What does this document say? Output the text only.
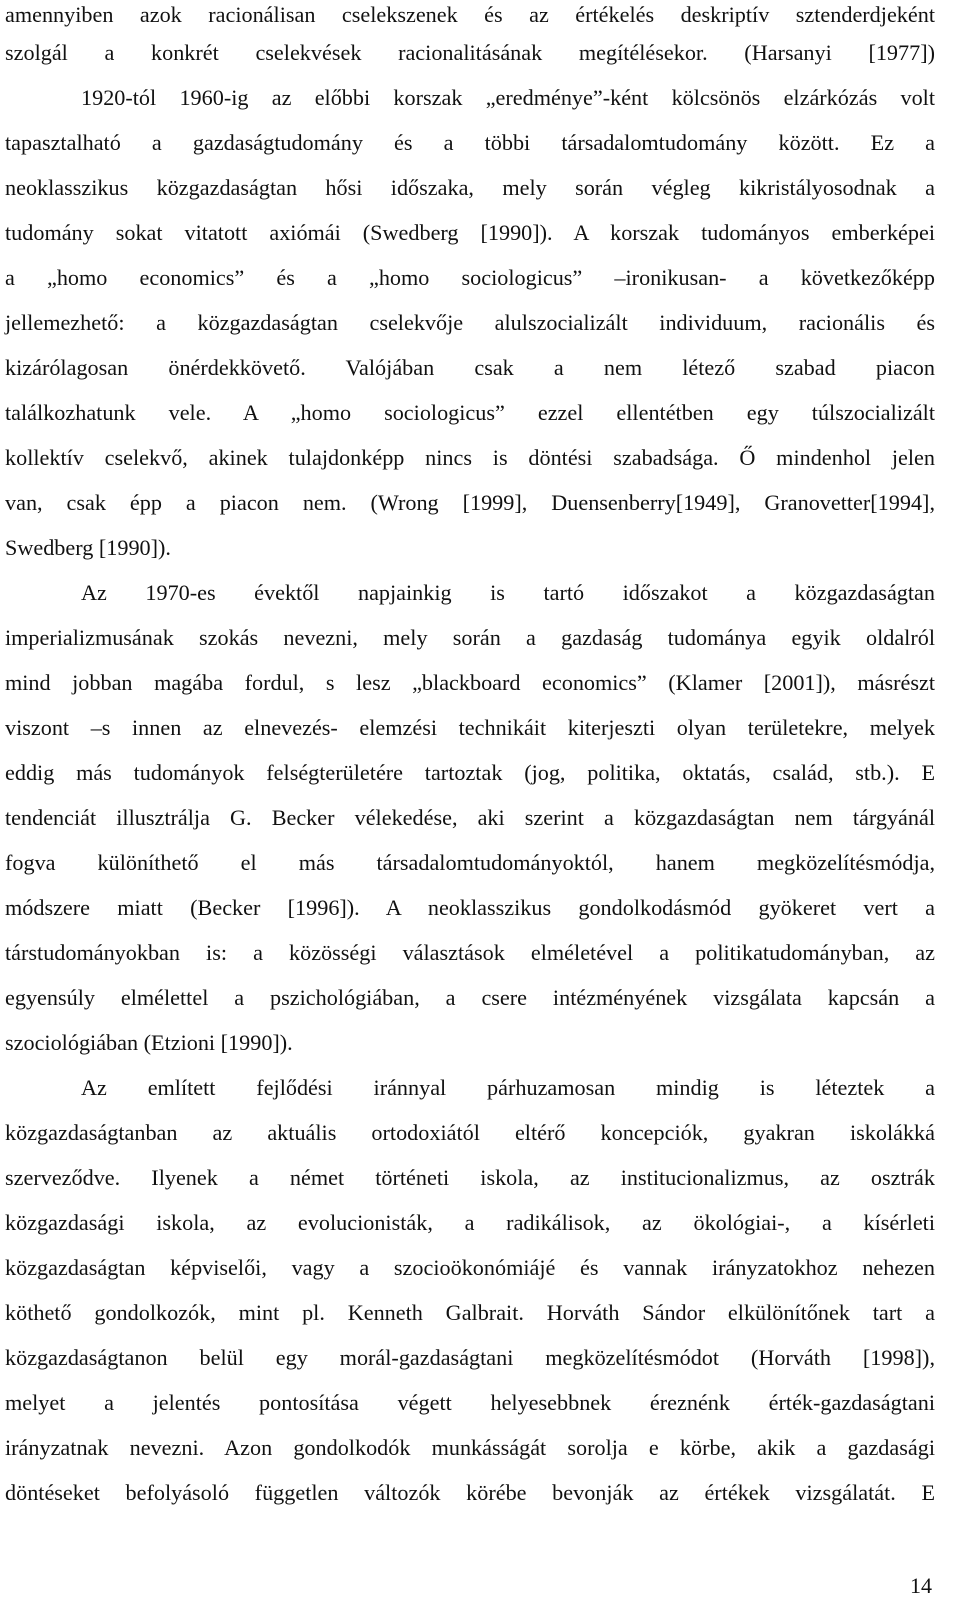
amennyiben azok racionálisan cselekszenek és az értékelés deskriptív sztenderdjeként
szolgál a konkrét cselekvések racionalitásának megítélésekor. (Harsanyi [1977])
1920-tól 1960-ig az előbbi korszak „eredménye”-ként kölcsönös elzárkózás volt
tapasztalható a gazdaságtudomány és a többi társadalomtudomány között. Ez a
neoklasszikus közgazdaságtan hősi időszaka, mely során végleg kikristályosodnak a
tudomány sokat vitatott axiómái (Swedberg [1990]). A korszak tudományos emberképei
a „homo economics” és a „homo sociologicus” –ironikusan- a következőképp
jellemezhető: a közgazdaságtan cselekvője alulszocializált individuum, racionális és
kizárólagosan önérdekkövető. Valójában csak a nem létező szabad piacon
találkozhatunk vele. A „homo sociologicus” ezzel ellentétben egy túlszocializált
kollektív cselekvő, akinek tulajdonképp nincs is döntési szabadsága. Ő mindenhol jelen
van, csak épp a piacon nem. (Wrong [1999], Duensenberry[1949], Granovetter[1994],
Swedberg [1990]).
Az 1970-es évektől napjainkig is tartó időszakot a közgazdaságtan
imperializmusának szokás nevezni, mely során a gazdaság tudománya egyik oldalról
mind jobban magába fordul, s lesz „blackboard economics” (Klamer [2001]), másrészt
viszont –s innen az elnevezés- elemzési technikáit kiterjeszti olyan területekre, melyek
eddig más tudományok felségterületére tartoztak (jog, politika, oktatás, család, stb.). E
tendenciát illusztrálja G. Becker vélekedése, aki szerint a közgazdaságtan nem tárgyánál
fogva különíthető el más társadalomtudományoktól, hanem megközelítésmódja,
módszere miatt (Becker [1996]). A neoklasszikus gondolkodásmód gyökeret vert a
társtudományokban is: a közösségi választások elméletével a politikatudományban, az
egyensúly elmélettel a pszichológiában, a csere intézményének vizsgálata kapcsán a
szociológiában (Etzioni [1990]).
Az említett fejlődési iránnyal párhuzamosan mindig is léteztek a
közgazdaságtanban az aktuális ortodoxiától eltérő koncepciók, gyakran iskolákká
szerveződve. Ilyenek a német történeti iskola, az institucionalizmus, az osztrák
közgazdasági iskola, az evolucionisták, a radikálisok, az ökológiai-, a kísérleti
közgazdaságtan képviselői, vagy a szocioökonómiájé és vannak irányzatokhoz nehezen
köthető gondolkozók, mint pl. Kenneth Galbrait. Horváth Sándor elkülönítőnek tart a
közgazdaságtanon belül egy morál-gazdaságtani megközelítésmódot (Horváth [1998]),
melyet a jelentés pontosítása végett helyesebbnek éreznénk érték-gazdaságtani
irányzatnak nevezni. Azon gondolkodók munkásságát sorolja e körbe, akik a gazdasági
döntéseket befolyásoló független változók körébe bevonják az értékek vizsgálatát. E
14
